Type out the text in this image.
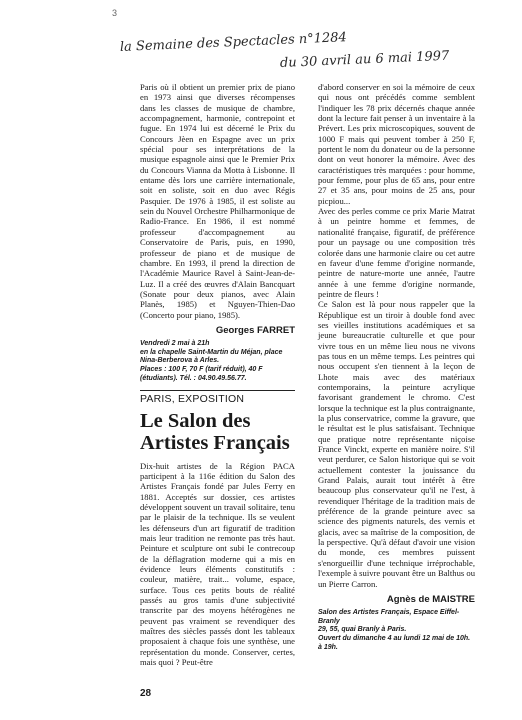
3
la Semaine des Spectacles n°1284
du 30 avril au 6 mai 1997

Paris où il obtient un premier prix de piano en 1973 ainsi que diverses récompenses dans les classes de musique de chambre, accompagnement, harmonie, contrepoint et fugue. En 1974 lui est décerné le Prix du Concours Jèen en Espagne avec un prix spécial pour ses interprétations de la musique espagnole ainsi que le Premier Prix du Concours Vianna da Motta à Lisbonne. Il entame dès lors une carrière internationale, soit en soliste, soit en duo avec Régis Pasquier. De 1976 à 1985, il est soliste au sein du Nouvel Orchestre Philharmonique de Radio-France. En 1986, il est nommé professeur d'accompagnement au Conservatoire de Paris, puis, en 1990, professeur de piano et de musique de chambre. En 1993, il prend la direction de l'Académie Maurice Ravel à Saint-Jean-de-Luz. Il a créé des œuvres d'Alain Bancquart (Sonate pour deux pianos, avec Alain Planès, 1985) et Nguyen-Thien-Dao (Concerto pour piano, 1985).

Georges FARRET

Vendredi 2 mai à 21h

en la chapelle Saint-Martin du Méjan, place Nina-Berberova à Arles.

Places : 100 F, 70 F (tarif réduit), 40 F (étudiants). Tél. : 04.90.49.56.77.

PARIS, EXPOSITION

Le Salon des Artistes Français

Dix-huit artistes de la Région PACA participent à la 116e édition du Salon des Artistes Français fondé par Jules Ferry en 1881. Acceptés sur dossier, ces artistes développent souvent un travail solitaire, tenu par le plaisir de la technique. Ils se veulent les défenseurs d'un art figuratif de tradition mais leur tradition ne remonte pas très haut. Peinture et sculpture ont subi le contrecoup de la déflagration moderne qui a mis en évidence leurs éléments constitutifs : couleur, matière, trait... volume, espace, surface. Tous ces petits bouts de réalité passés au gros tamis d'une subjectivité transcrite par des moyens hétérogènes ne peuvent pas vraiment se revendiquer des maîtres des siècles passés dont les tableaux proposaient à chaque fois une synthèse, une représentation du monde. Conserver, certes, mais quoi ? Peut-être

d'abord conserver en soi la mémoire de ceux qui nous ont précédés comme semblent l'indiquer les 78 prix décernés chaque année dont la lecture fait penser à un inventaire à la Prévert. Les prix microscopiques, souvent de 1000 F mais qui peuvent tomber à 250 F, portent le nom du donateur ou de la personne dont on veut honorer la mémoire. Avec des caractéristiques très marquées : pour homme, pour femme, pour plus de 65 ans, pour entre 27 et 35 ans, pour moins de 25 ans, pour picpiou...

Avec des perles comme ce prix Marie Matrat à un peintre homme et femmes, de nationalité française, figuratif, de préférence pour un paysage ou une composition très colorée dans une harmonie claire ou cet autre en faveur d'une femme d'origine normande, peintre de nature-morte une année, l'autre année à une femme d'origine normande, peintre de fleurs !

Ce Salon est là pour nous rappeler que la République est un tiroir à double fond avec ses vieilles institutions académiques et sa jeune bureaucratie culturelle et que pour vivre tous en un même lieu nous ne vivons pas tous en un même temps. Les peintres qui nous occupent s'en tiennent à la leçon de Lhote mais avec des matériaux contemporains, la peinture acrylique favorisant grandement le chromo. C'est lorsque la technique est la plus contraignante, la plus conservatrice, comme la gravure, que le résultat est le plus satisfaisant. Technique que pratique notre représentante niçoise France Vinckt, experte en manière noire. S'il veut perdurer, ce Salon historique qui se voit actuellement contester la jouissance du Grand Palais, aurait tout intérêt à être beaucoup plus conservateur qu'il ne l'est, à revendiquer l'héritage de la tradition mais de préférence de la grande peinture avec sa science des pigments naturels, des vernis et glacis, avec sa maîtrise de la composition, de la perspective. Qu'à défaut d'avoir une vision du monde, ces membres puissent s'enorgueillir d'une technique irréprochable, l'exemple à suivre pouvant être un Balthus ou un Pierre Carron.

Agnès de MAISTRE

Salon des Artistes Français, Espace Eiffel-Branly

29, 55, quai Branly à Paris.

Ouvert du dimanche 4 au lundi 12 mai de 10h. à 19h.

28
